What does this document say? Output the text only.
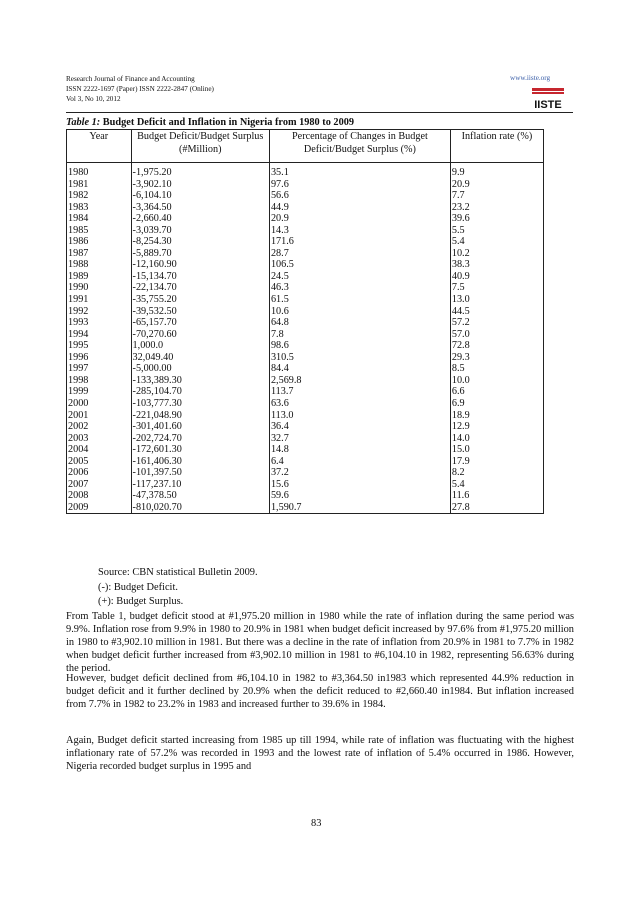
Research Journal of Finance and Accounting
ISSN 2222-1697 (Paper) ISSN 2222-2847 (Online)
Vol 3, No 10, 2012
www.iiste.org
IISTE
Table 1: Budget Deficit and Inflation in Nigeria from 1980 to 2009
Year	Budget Deficit/Budget Surplus (#Million)	Percentage of Changes in Budget Deficit/Budget Surplus (%)	Inflation rate (%)
1980	-1,975.20	35.1	9.9
1981	-3,902.10	97.6	20.9
1982	-6,104.10	56.6	7.7
1983	-3,364.50	44.9	23.2
1984	-2,660.40	20.9	39.6
1985	-3,039.70	14.3	5.5
1986	-8,254.30	171.6	5.4
1987	-5,889.70	28.7	10.2
1988	-12,160.90	106.5	38.3
1989	-15,134.70	24.5	40.9
1990	-22,134.70	46.3	7.5
1991	-35,755.20	61.5	13.0
1992	-39,532.50	10.6	44.5
1993	-65,157.70	64.8	57.2
1994	-70,270.60	7.8	57.0
1995	1,000.0	98.6	72.8
1996	32,049.40	310.5	29.3
1997	-5,000.00	84.4	8.5
1998	-133,389.30	2,569.8	10.0
1999	-285,104.70	113.7	6.6
2000	-103,777.30	63.6	6.9
2001	-221,048.90	113.0	18.9
2002	-301,401.60	36.4	12.9
2003	-202,724.70	32.7	14.0
2004	-172,601.30	14.8	15.0
2005	-161,406.30	6.4	17.9
2006	-101,397.50	37.2	8.2
2007	-117,237.10	15.6	5.4
2008	-47,378.50	59.6	11.6
2009	-810,020.70	1,590.7	27.8
Source: CBN statistical Bulletin 2009.
(-): Budget Deficit.
(+): Budget Surplus.

From Table 1, budget deficit stood at #1,975.20 million in 1980 while the rate of inflation during the same period was 9.9%. Inflation rose from 9.9% in 1980 to 20.9% in 1981 when budget deficit increased by 97.6% from #1,975.20 million in 1980 to #3,902.10 million in 1981. But there was a decline in the rate of inflation from 20.9% in 1981 to 7.7% in 1982 when budget deficit further increased from #3,902.10 million in 1981 to #6,104.10 in 1982, representing 56.63% during the period.

However, budget deficit declined from #6,104.10 in 1982 to #3,364.50 in1983 which represented 44.9% reduction in budget deficit and it further declined by 20.9% when the deficit reduced to #2,660.40 in1984. But inflation increased from 7.7% in 1982 to 23.2% in 1983 and increased further to 39.6% in 1984.

Again, Budget deficit started increasing from 1985 up till 1994, while rate of inflation was fluctuating with the highest inflationary rate of 57.2% was recorded in 1993 and the lowest rate of inflation of 5.4% occurred in 1986. However, Nigeria recorded budget surplus in 1995 and

83
